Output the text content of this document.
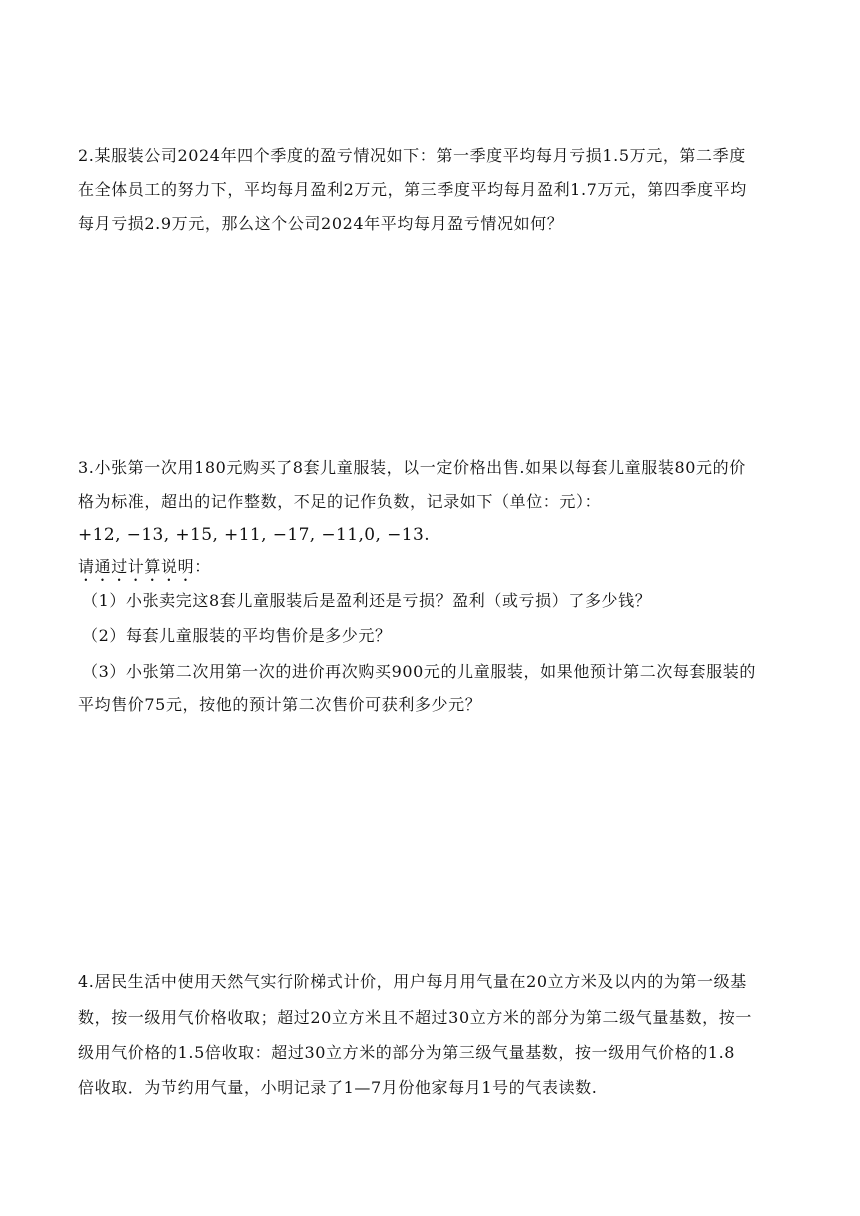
2.某服装公司2024年四个季度的盈亏情况如下：第一季度平均每月亏损1.5万元，第二季度
在全体员工的努力下，平均每月盈利2万元，第三季度平均每月盈利1.7万元，第四季度平均
每月亏损2.9万元，那么这个公司2024年平均每月盈亏情况如何？
3.小张第一次用180元购买了8套儿童服装，以一定价格出售.如果以每套儿童服装80元的价
格为标准，超出的记作整数，不足的记作负数，记录如下（单位：元）：
+12, −13, +15, +11, −17, −11,0, −13.
请通过计算说明：
（1）小张卖完这8套儿童服装后是盈利还是亏损？盈利（或亏损）了多少钱？
（2）每套儿童服装的平均售价是多少元？
（3）小张第二次用第一次的进价再次购买900元的儿童服装，如果他预计第二次每套服装的
平均售价75元，按他的预计第二次售价可获利多少元？
4.居民生活中使用天然气实行阶梯式计价，用户每月用气量在20立方米及以内的为第一级基
数，按一级用气价格收取；超过20立方米且不超过30立方米的部分为第二级气量基数，按一
级用气价格的1.5倍收取：超过30立方米的部分为第三级气量基数，按一级用气价格的1.8
倍收取．为节约用气量，小明记录了1—7月份他家每月1号的气表读数.
